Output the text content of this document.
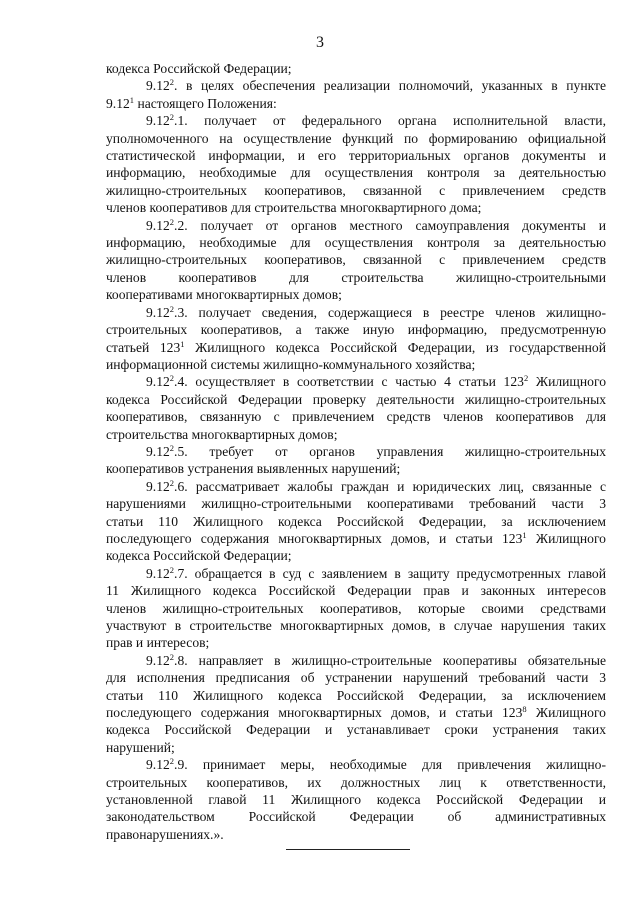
3
кодекса Российской Федерации;
9.12$^2$. в целях обеспечения реализации полномочий, указанных в пункте
9.12$^1$ настоящего Положения:
9.12$^2$.1. получает от федерального органа исполнительной власти,
уполномоченного на осуществление функций по формированию официальной
статистической информации, и его территориальных органов документы и
информацию, необходимые для осуществления контроля за деятельностью
жилищно-строительных кооперативов, связанной с привлечением средств
членов кооперативов для строительства многоквартирного дома;
9.12$^2$.2. получает от органов местного самоуправления документы и
информацию, необходимые для осуществления контроля за деятельностью
жилищно-строительных кооперативов, связанной с привлечением средств
членов кооперативов для строительства жилищно-строительными
кооперативами многоквартирных домов;
9.12$^2$.3. получает сведения, содержащиеся в реестре членов жилищно-
строительных кооперативов, а также иную информацию, предусмотренную
статьей $123^1$ Жилищного кодекса Российской Федерации, из государственной
информационной системы жилищно-коммунального хозяйства;
9.12$^2$.4. осуществляет в соответствии с частью 4 статьи $123^2$ Жилищного
кодекса Российской Федерации проверку деятельности жилищно-строительных
кооперативов, связанную с привлечением средств членов кооперативов для
строительства многоквартирных домов;
9.12$^2$.5. требует от органов управления жилищно-строительных
кооперативов устранения выявленных нарушений;
9.12$^2$.6. рассматривает жалобы граждан и юридических лиц, связанные с
нарушениями жилищно-строительными кооперативами требований части 3
статьи 110 Жилищного кодекса Российской Федерации, за исключением
последующего содержания многоквартирных домов, и статьи $123^1$ Жилищного
кодекса Российской Федерации;
9.12$^2$.7. обращается в суд с заявлением в защиту предусмотренных главой
11 Жилищного кодекса Российской Федерации прав и законных интересов
членов жилищно-строительных кооперативов, которые своими средствами
участвуют в строительстве многоквартирных домов, в случае нарушения таких
прав и интересов;
9.12$^2$.8. направляет в жилищно-строительные кооперативы обязательные
для исполнения предписания об устранении нарушений требований части 3
статьи 110 Жилищного кодекса Российской Федерации, за исключением
последующего содержания многоквартирных домов, и статьи $123^8$ Жилищного
кодекса Российской Федерации и устанавливает сроки устранения таких
нарушений;
9.12$^2$.9. принимает меры, необходимые для привлечения жилищно-
строительных кооперативов, их должностных лиц к ответственности,
установленной главой 11 Жилищного кодекса Российской Федерации и
законодательством Российской Федерации об административных
правонарушениях.».
